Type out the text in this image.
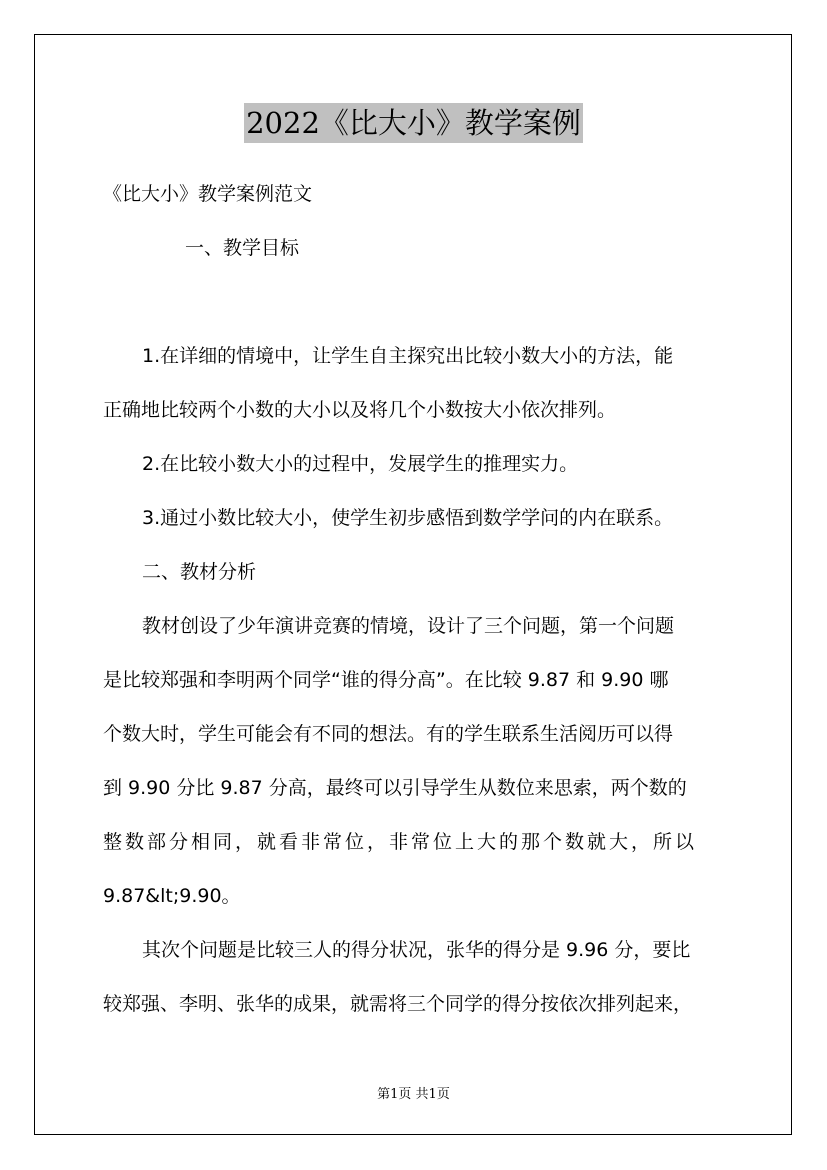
2022《比大小》教学案例
《比大小》教学案例范文
一、教学目标
1.在详细的情境中，让学生自主探究出比较小数大小的方法，能
正确地比较两个小数的大小以及将几个小数按大小依次排列。
2.在比较小数大小的过程中，发展学生的推理实力。
3.通过小数比较大小，使学生初步感悟到数学学问的内在联系。
二、教材分析
教材创设了少年演讲竞赛的情境，设计了三个问题，第一个问题
是比较郑强和李明两个同学“谁的得分高”。在比较 9.87 和 9.90 哪
个数大时，学生可能会有不同的想法。有的学生联系生活阅历可以得
到 9.90 分比 9.87 分高，最终可以引导学生从数位来思索，两个数的
整数部分相同，就看非常位，非常位上大的那个数就大，所以
9.87&lt;9.90。
其次个问题是比较三人的得分状况，张华的得分是 9.96 分，要比
较郑强、李明、张华的成果，就需将三个同学的得分按依次排列起来，
第1页 共1页
